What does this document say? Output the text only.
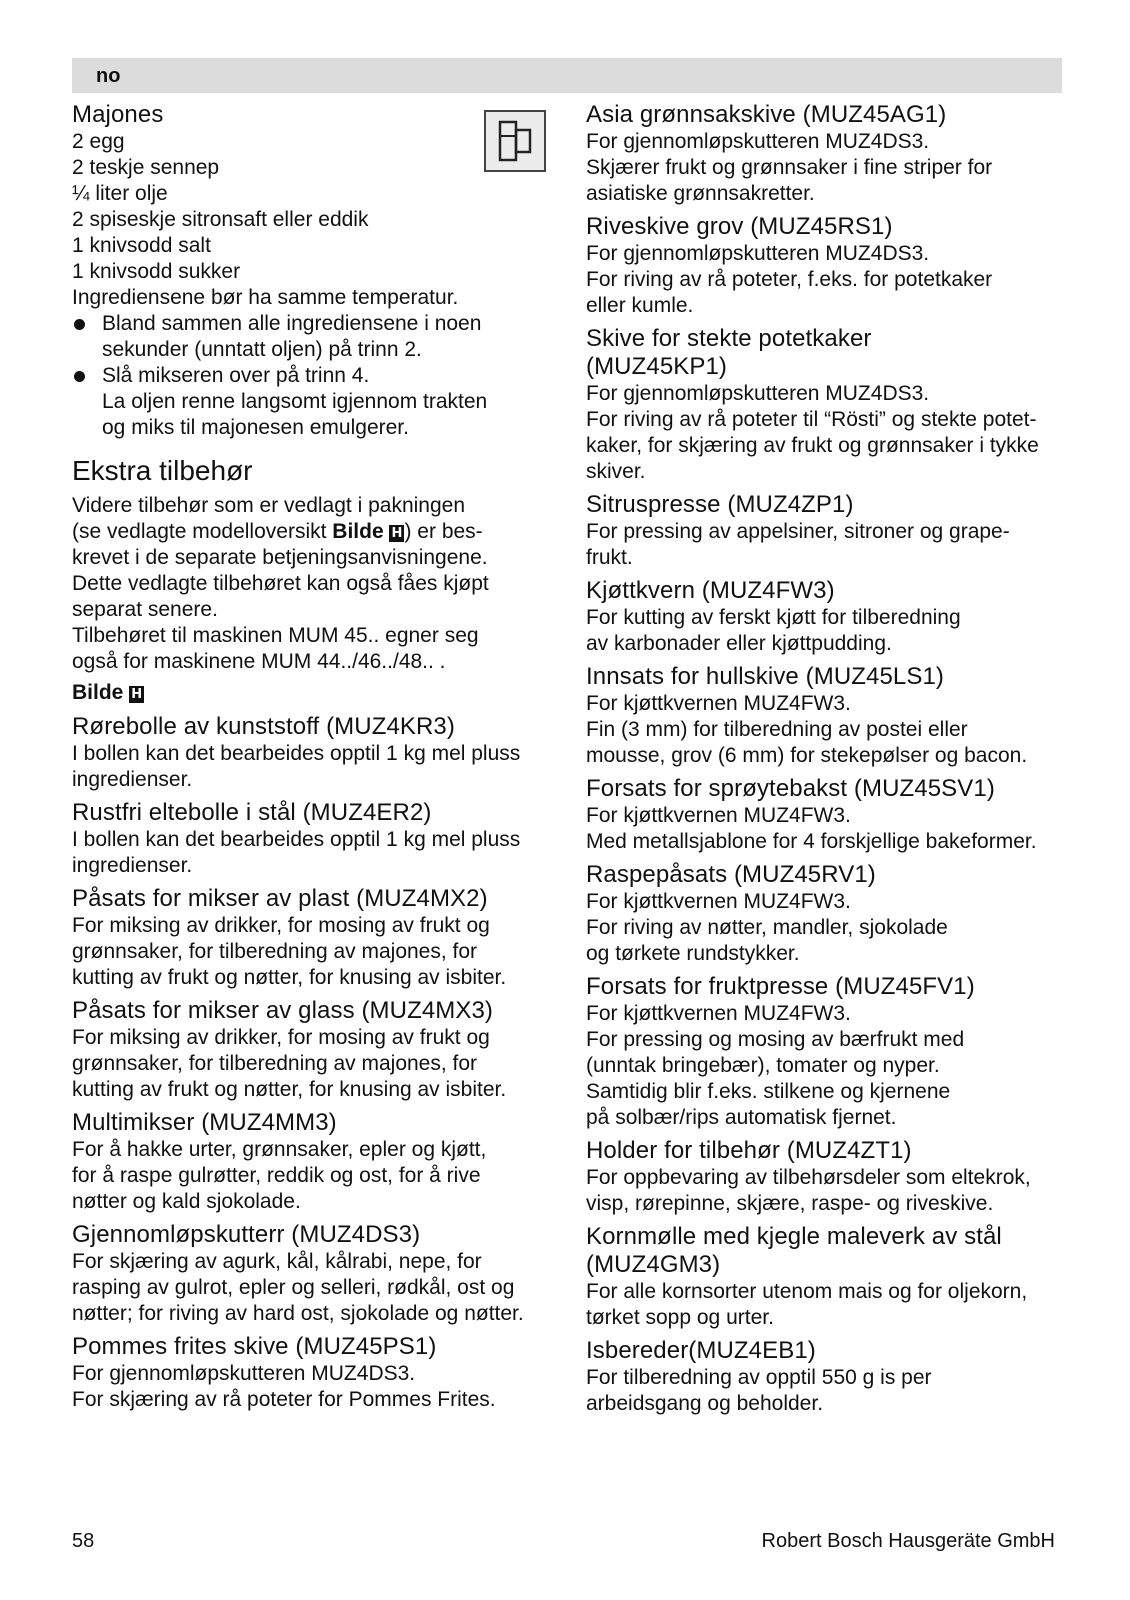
no
Majones

2 egg

2 teskje sennep

¼ liter olje

2 spiseskje sitronsaft eller eddik

1 knivsodd salt

1 knivsodd sukker

Ingrediensene bør ha samme temperatur.

Bland sammen alle ingrediensene i noen
sekunder (unntatt oljen) på trinn 2.
Slå mikseren over på trinn 4.
La oljen renne langsomt igjennom trakten
og miks til majonesen emulgerer.
Ekstra tilbehør

Videre tilbehør som er vedlagt i pakningen

(se vedlagte modelloversikt Bilde H) er bes-

krevet i de separate betjeningsanvisningene.

Dette vedlagte tilbehøret kan også fåes kjøpt

separat senere.

Tilbehøret til maskinen MUM 45.. egner seg

også for maskinene MUM 44../46../48.. .

Bilde H
Rørebolle av kunststoff (MUZ4KR3)

I bollen kan det bearbeides opptil 1 kg mel pluss

ingredienser.

Rustfri eltebolle i stål (MUZ4ER2)

I bollen kan det bearbeides opptil 1 kg mel pluss

ingredienser.

Påsats for mikser av plast (MUZ4MX2)

For miksing av drikker, for mosing av frukt og

grønnsaker, for tilberedning av majones, for

kutting av frukt og nøtter, for knusing av isbiter.

Påsats for mikser av glass (MUZ4MX3)

For miksing av drikker, for mosing av frukt og

grønnsaker, for tilberedning av majones, for

kutting av frukt og nøtter, for knusing av isbiter.

Multimikser (MUZ4MM3)

For å hakke urter, grønnsaker, epler og kjøtt,

for å raspe gulrøtter, reddik og ost, for å rive

nøtter og kald sjokolade.

Gjennomløpskutterr (MUZ4DS3)

For skjæring av agurk, kål, kålrabi, nepe, for

rasping av gulrot, epler og selleri, rødkål, ost og

nøtter; for riving av hard ost, sjokolade og nøtter.

Pommes frites skive (MUZ45PS1)

For gjennomløpskutteren MUZ4DS3.

For skjæring av rå poteter for Pommes Frites.

Asia grønnsakskive (MUZ45AG1)

For gjennomløpskutteren MUZ4DS3.

Skjærer frukt og grønnsaker i fine striper for

asiatiske grønnsakretter.

Riveskive grov (MUZ45RS1)

For gjennomløpskutteren MUZ4DS3.

For riving av rå poteter, f.eks. for potetkaker

eller kumle.

Skive for stekte potetkaker
(MUZ45KP1)

For gjennomløpskutteren MUZ4DS3.

For riving av rå poteter til “Rösti” og stekte potet-

kaker, for skjæring av frukt og grønnsaker i tykke

skiver.

Sitruspresse (MUZ4ZP1)

For pressing av appelsiner, sitroner og grape-

frukt.

Kjøttkvern (MUZ4FW3)

For kutting av ferskt kjøtt for tilberedning

av karbonader eller kjøttpudding.

Innsats for hullskive (MUZ45LS1)

For kjøttkvernen MUZ4FW3.

Fin (3 mm) for tilberedning av postei eller

mousse, grov (6 mm) for stekepølser og bacon.

Forsats for sprøytebakst (MUZ45SV1)

For kjøttkvernen MUZ4FW3.

Med metallsjablone for 4 forskjellige bakeformer.

Raspepåsats (MUZ45RV1)

For kjøttkvernen MUZ4FW3.

For riving av nøtter, mandler, sjokolade

og tørkete rundstykker.

Forsats for fruktpresse (MUZ45FV1)

For kjøttkvernen MUZ4FW3.

For pressing og mosing av bærfrukt med

(unntak bringebær), tomater og nyper.

Samtidig blir f.eks. stilkene og kjernene

på solbær/rips automatisk fjernet.

Holder for tilbehør (MUZ4ZT1)

For oppbevaring av tilbehørsdeler som eltekrok,

visp, rørepinne, skjære, raspe- og riveskive.

Kornmølle med kjegle maleverk av stål
(MUZ4GM3)

For alle kornsorter utenom mais og for oljekorn,

tørket sopp og urter.

Isbereder(MUZ4EB1)

For tilberedning av opptil 550 g is per

arbeidsgang og beholder.

58	Robert Bosch Hausgeräte GmbH
